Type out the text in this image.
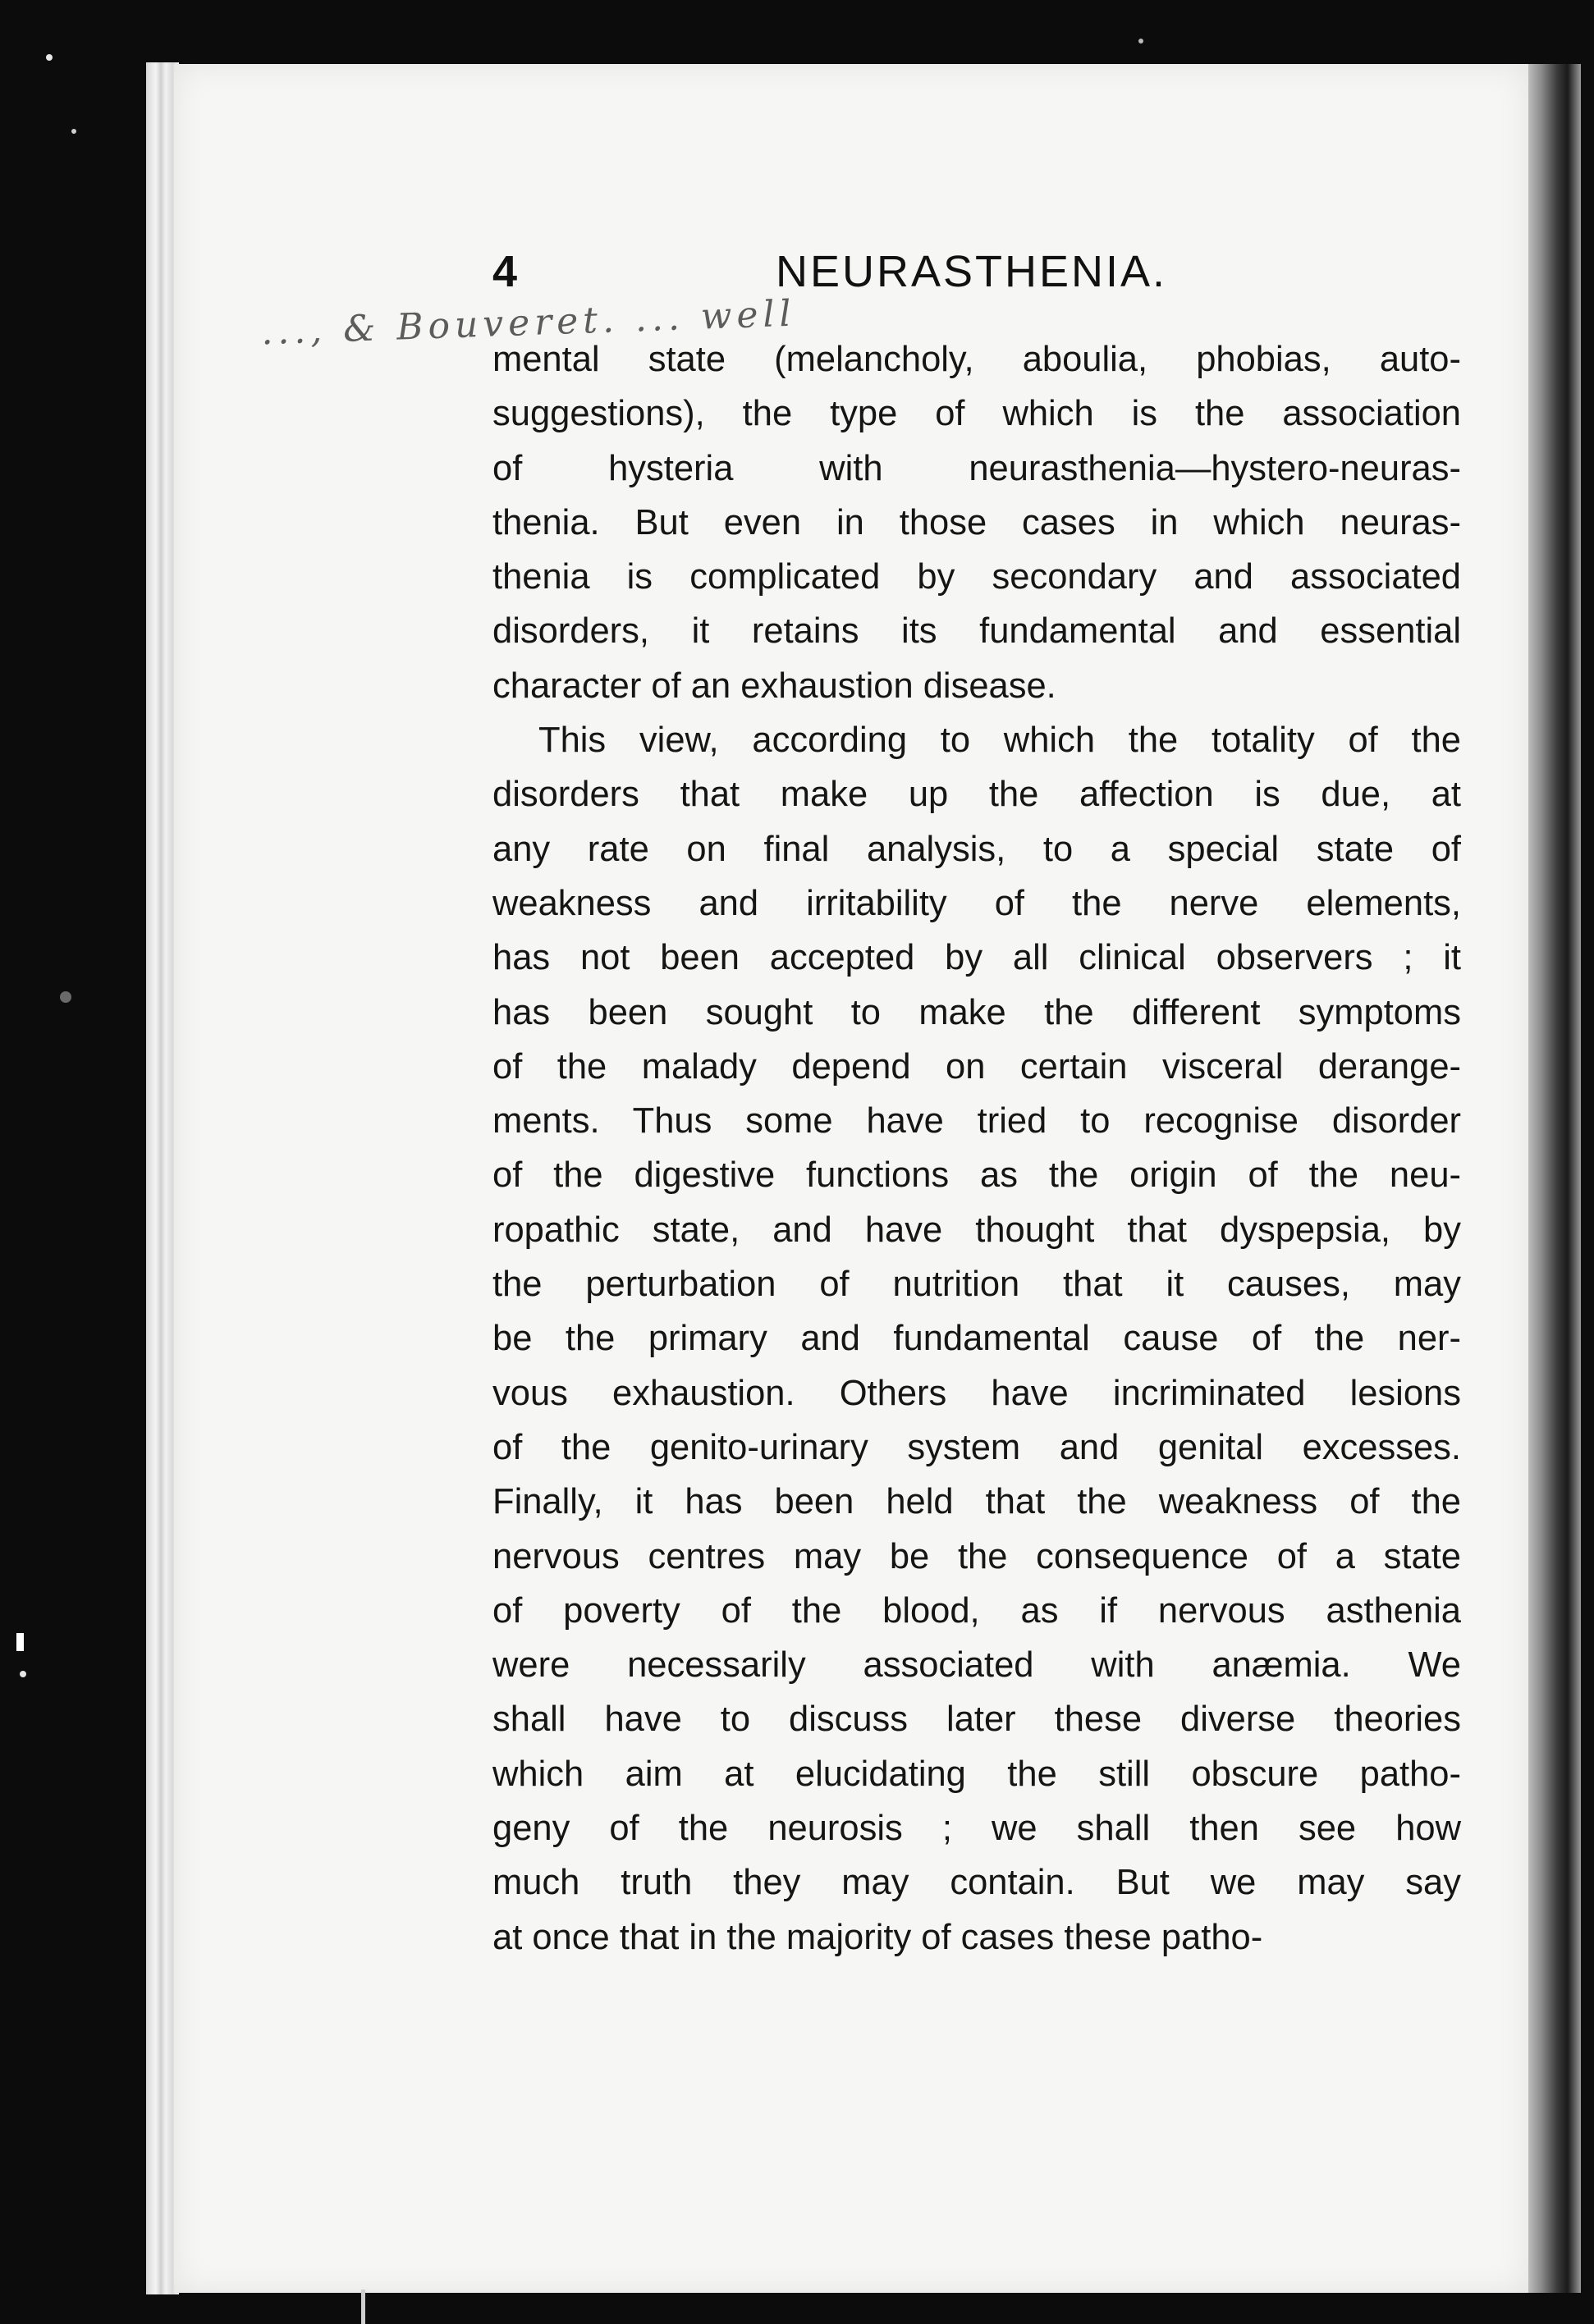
4	NEURASTHENIA.
..., & Bouveret. ... well
mental state (melancholy, aboulia, phobias, auto-
suggestions), the type of which is the association
of hysteria with neurasthenia—hystero-neuras-
thenia. But even in those cases in which neuras-
thenia is complicated by secondary and associated
disorders, it retains its fundamental and essential
character of an exhaustion disease.
This view, according to which the totality of the
disorders that make up the affection is due, at
any rate on final analysis, to a special state of
weakness and irritability of the nerve elements,
has not been accepted by all clinical observers ; it
has been sought to make the different symptoms
of the malady depend on certain visceral derange-
ments. Thus some have tried to recognise disorder
of the digestive functions as the origin of the neu-
ropathic state, and have thought that dyspepsia, by
the perturbation of nutrition that it causes, may
be the primary and fundamental cause of the ner-
vous exhaustion. Others have incriminated lesions
of the genito-urinary system and genital excesses.
Finally, it has been held that the weakness of the
nervous centres may be the consequence of a state
of poverty of the blood, as if nervous asthenia
were necessarily associated with anæmia. We
shall have to discuss later these diverse theories
which aim at elucidating the still obscure patho-
geny of the neurosis ; we shall then see how
much truth they may contain. But we may say
at once that in the majority of cases these patho-
